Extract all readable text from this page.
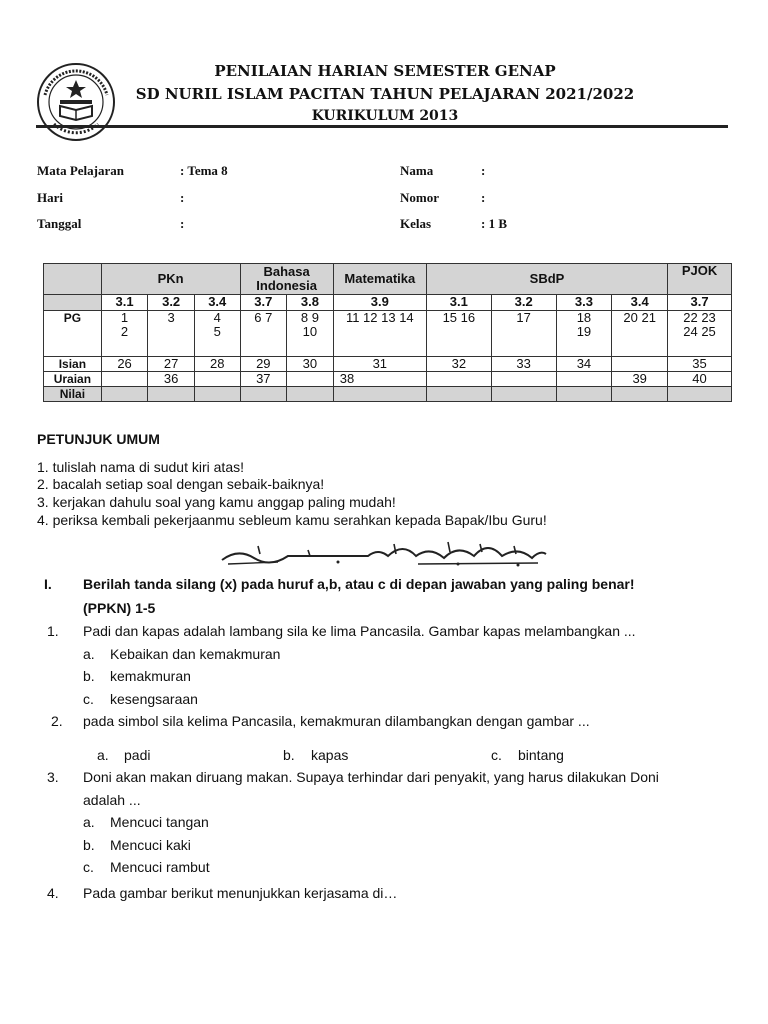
PENILAIAN HARIAN SEMESTER GENAP
SD NURIL ISLAM PACITAN TAHUN PELAJARAN 2021/2022
KURIKULUM 2013
Mata Pelajaran	: Tema 8
Hari	:
Tanggal	:
Nama	:
Nomor	:
Kelas	: 1 B
	PKn			Bahasa Indonesia		Matematika	SBdP				PJOK
	3.1	3.2	3.4	3.7	3.8	3.9	3.1	3.2	3.3	3.4	3.7
PG	1 2	3	4 5	6 7	8 9 10	11 12 13 14	15 16	17	18 19	20 21	22 23 24 25
Isian	26	27	28	29	30	31	32	33	34		35
Uraian		36		37		38				39	40
Nilai											
PETUNJUK UMUM
1. tulislah nama di sudut kiri atas!
2. bacalah setiap soal dengan sebaik-baiknya!
3. kerjakan dahulu soal yang kamu anggap paling mudah!
4. periksa kembali pekerjaanmu sebleum kamu serahkan kepada Bapak/Ibu Guru!
I. Berilah tanda silang (x) pada huruf a,b, atau c di depan jawaban yang paling benar!
(PPKN) 1-5
1. Padi dan kapas adalah lambang sila ke lima Pancasila. Gambar kapas melambangkan ...
a. Kebaikan dan kemakmuran
b. kemakmuran
c. kesengsaraan
2. pada simbol sila kelima Pancasila, kemakmuran dilambangkan dengan gambar ...
a. padi	b. kapas	c. bintang
3. Doni akan makan diruang makan. Supaya terhindar dari penyakit, yang harus dilakukan Doni
adalah ...
a. Mencuci tangan
b. Mencuci kaki
c. Mencuci rambut
4. Pada gambar berikut menunjukkan kerjasama di…
